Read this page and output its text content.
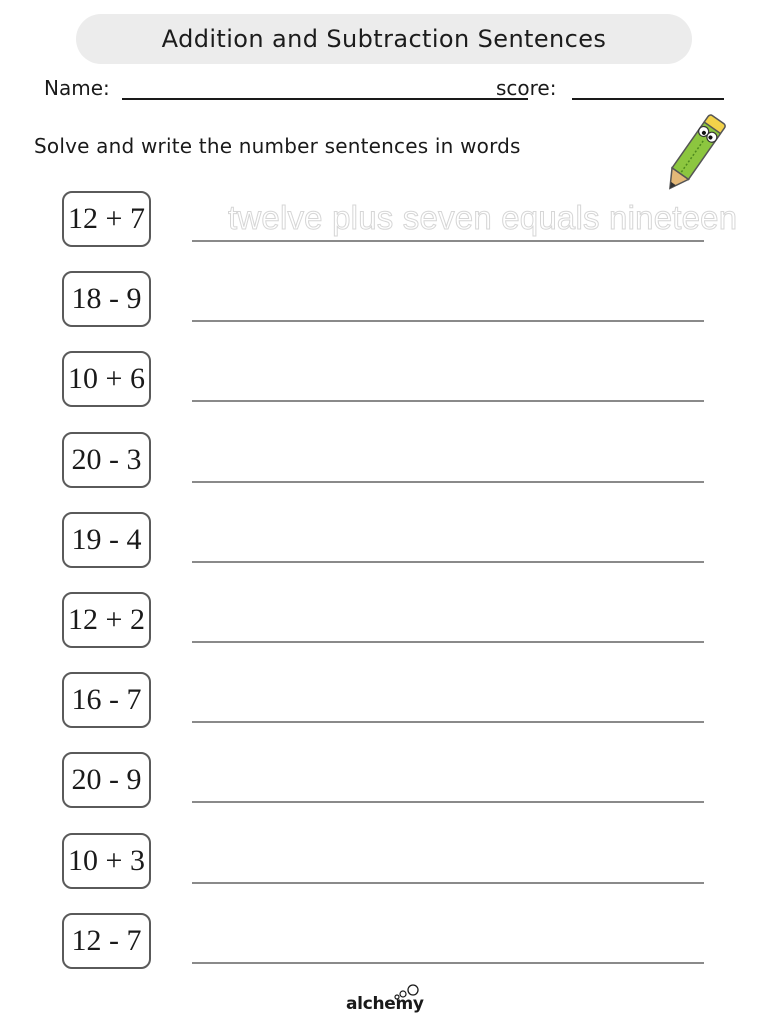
Addition and Subtraction Sentences
Name:	score:
Solve and write the number sentences in words
12 + 7	twelve plus seven equals nineteen
18 - 9
10 + 6
20 - 3
19 - 4
12 + 2
16 - 7
20 - 9
10 + 3
12 - 7
alchemy
